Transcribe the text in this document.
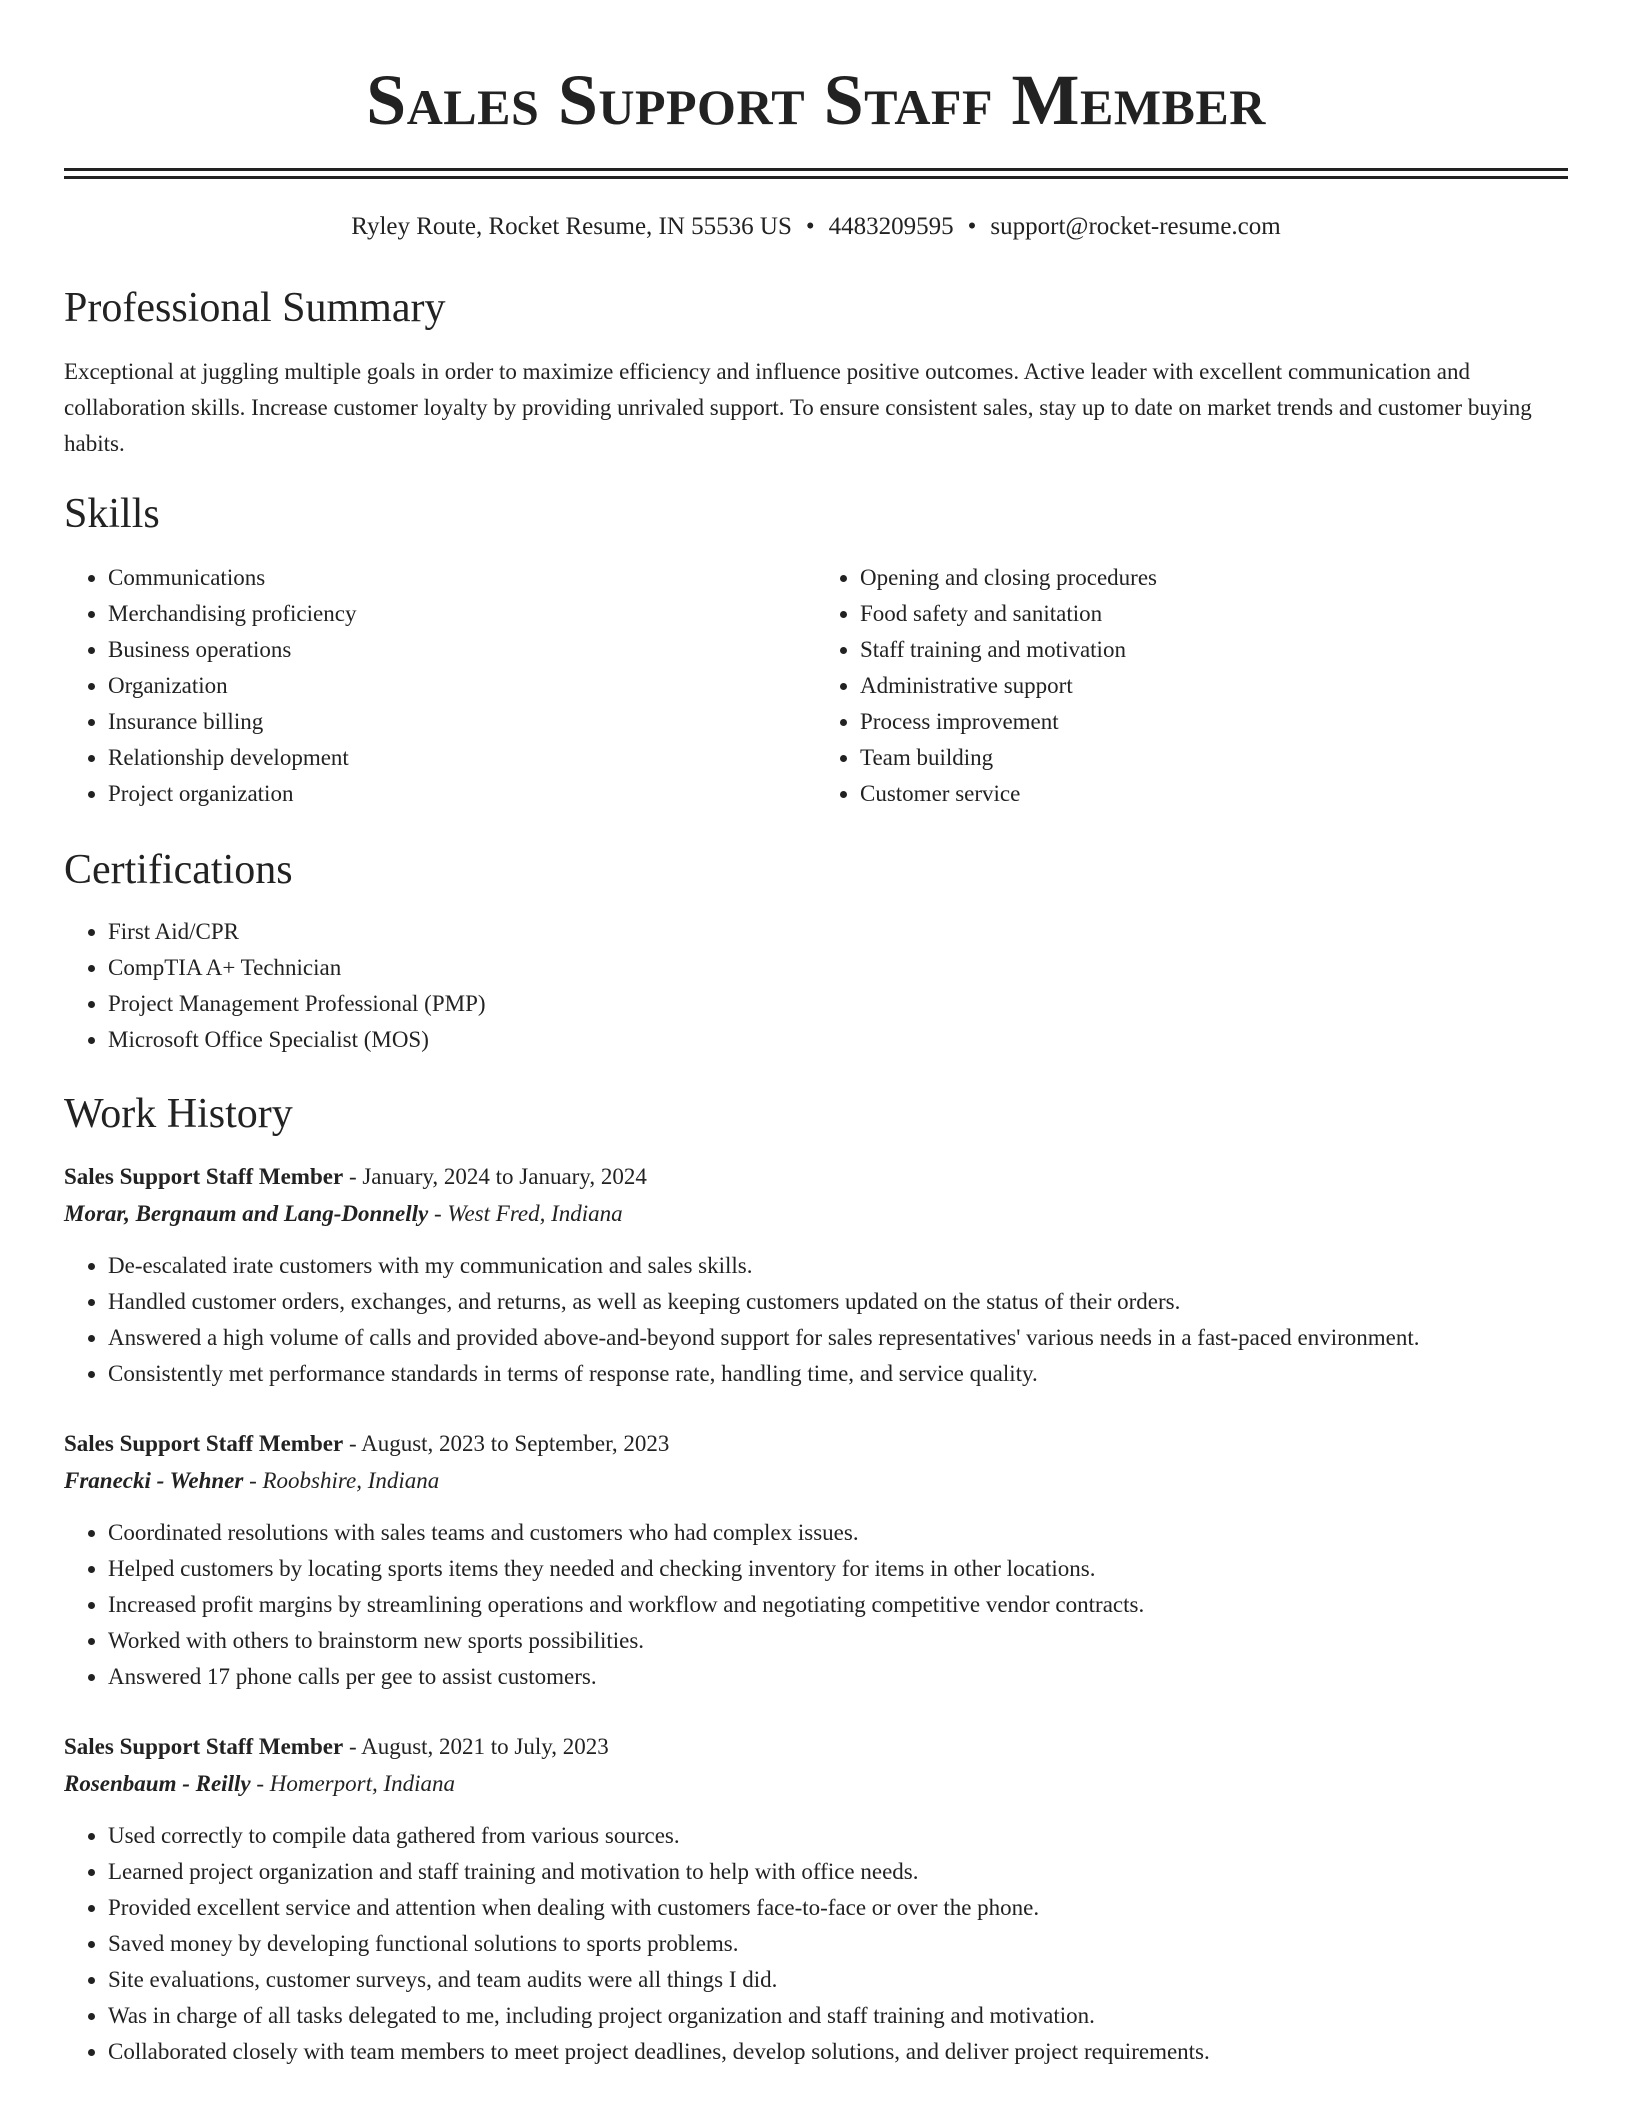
Sales Support Staff Member
Ryley Route, Rocket Resume, IN 55536 US • 4483209595 • support@rocket-resume.com
Professional Summary

Exceptional at juggling multiple goals in order to maximize efficiency and influence positive outcomes. Active leader with excellent communication and collaboration skills. Increase customer loyalty by providing unrivaled support. To ensure consistent sales, stay up to date on market trends and customer buying habits.

Skills
• Communications
• Merchandising proficiency
• Business operations
• Organization
• Insurance billing
• Relationship development
• Project organization
• Opening and closing procedures
• Food safety and sanitation
• Staff training and motivation
• Administrative support
• Process improvement
• Team building
• Customer service
Certifications
• First Aid/CPR
• CompTIA A+ Technician
• Project Management Professional (PMP)
• Microsoft Office Specialist (MOS)
Work History
Sales Support Staff Member - January, 2024 to January, 2024
Morar, Bergnaum and Lang-Donnelly - West Fred, Indiana
• De-escalated irate customers with my communication and sales skills.
• Handled customer orders, exchanges, and returns, as well as keeping customers updated on the status of their orders.
• Answered a high volume of calls and provided above-and-beyond support for sales representatives' various needs in a fast-paced environment.
• Consistently met performance standards in terms of response rate, handling time, and service quality.
Sales Support Staff Member - August, 2023 to September, 2023
Franecki - Wehner - Roobshire, Indiana
• Coordinated resolutions with sales teams and customers who had complex issues.
• Helped customers by locating sports items they needed and checking inventory for items in other locations.
• Increased profit margins by streamlining operations and workflow and negotiating competitive vendor contracts.
• Worked with others to brainstorm new sports possibilities.
• Answered 17 phone calls per gee to assist customers.
Sales Support Staff Member - August, 2021 to July, 2023
Rosenbaum - Reilly - Homerport, Indiana
• Used correctly to compile data gathered from various sources.
• Learned project organization and staff training and motivation to help with office needs.
• Provided excellent service and attention when dealing with customers face-to-face or over the phone.
• Saved money by developing functional solutions to sports problems.
• Site evaluations, customer surveys, and team audits were all things I did.
• Was in charge of all tasks delegated to me, including project organization and staff training and motivation.
• Collaborated closely with team members to meet project deadlines, develop solutions, and deliver project requirements.
